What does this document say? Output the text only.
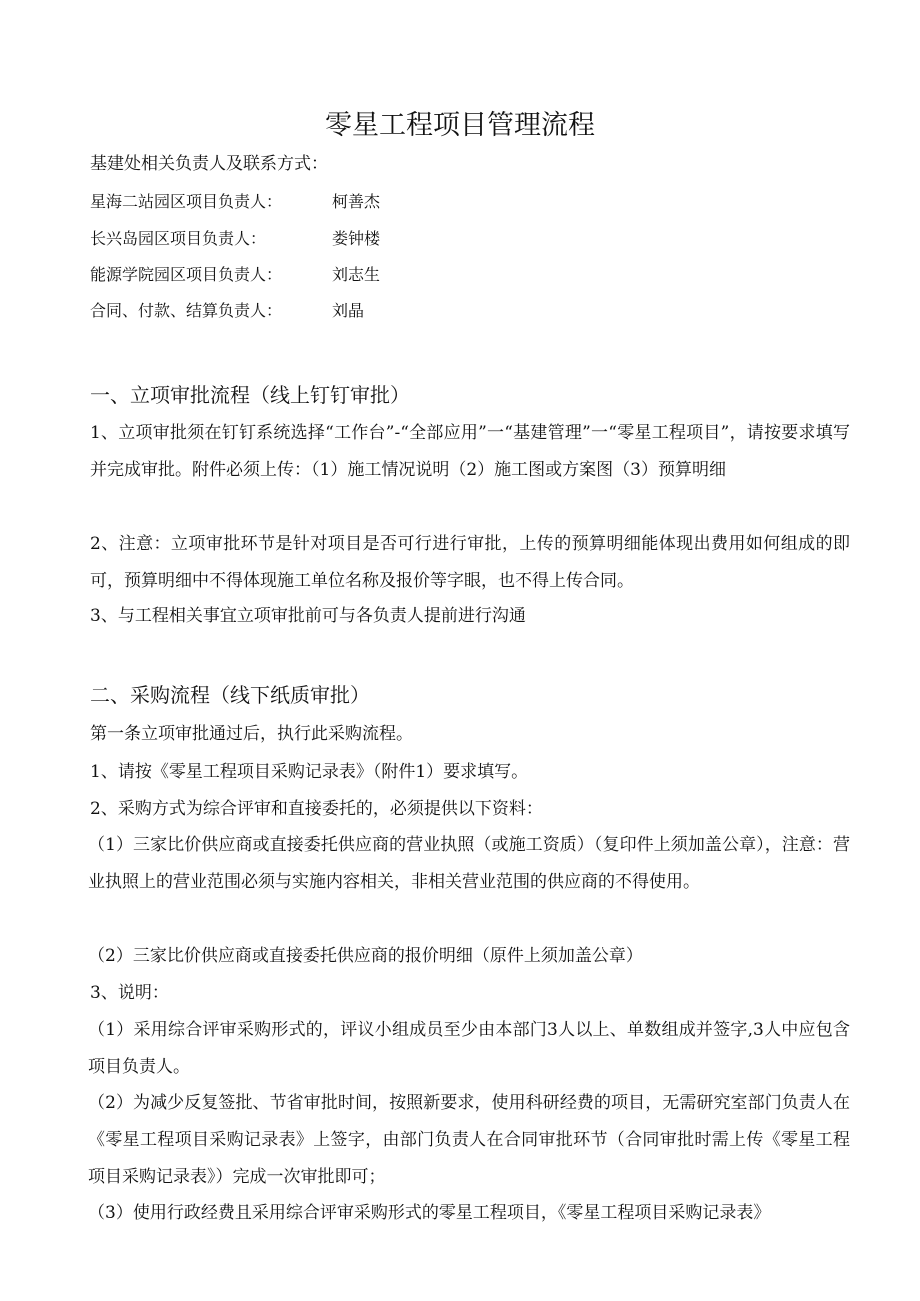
零星工程项目管理流程
基建处相关负责人及联系方式：
星海二站园区项目负责人：	柯善杰
长兴岛园区项目负责人：	娄钟楼
能源学院园区项目负责人：	刘志生
合同、付款、结算负责人：	刘晶
一、立项审批流程（线上钉钉审批）
1、立项审批须在钉钉系统选择“工作台”-“全部应用”一“基建管理”一“零星工程项目”，请按要求填写并完成审批。附件必须上传：（1）施工情况说明（2）施工图或方案图（3）预算明细
2、注意：立项审批环节是针对项目是否可行进行审批，上传的预算明细能体现出费用如何组成的即可，预算明细中不得体现施工单位名称及报价等字眼，也不得上传合同。
3、与工程相关事宜立项审批前可与各负责人提前进行沟通
二、采购流程（线下纸质审批）
第一条立项审批通过后，执行此采购流程。
1、请按《零星工程项目采购记录表》（附件1）要求填写。
2、采购方式为综合评审和直接委托的，必须提供以下资料：
（1）三家比价供应商或直接委托供应商的营业执照（或施工资质）（复印件上须加盖公章），注意：营业执照上的营业范围必须与实施内容相关，非相关营业范围的供应商的不得使用。
（2）三家比价供应商或直接委托供应商的报价明细（原件上须加盖公章）
3、说明：
（1）采用综合评审采购形式的，评议小组成员至少由本部门3人以上、单数组成并签字,3人中应包含项目负责人。
（2）为减少反复签批、节省审批时间，按照新要求，使用科研经费的项目，无需研究室部门负责人在《零星工程项目采购记录表》上签字，由部门负责人在合同审批环节（合同审批时需上传《零星工程项目采购记录表》）完成一次审批即可；
（3）使用行政经费且采用综合评审采购形式的零星工程项目，《零星工程项目采购记录表》
